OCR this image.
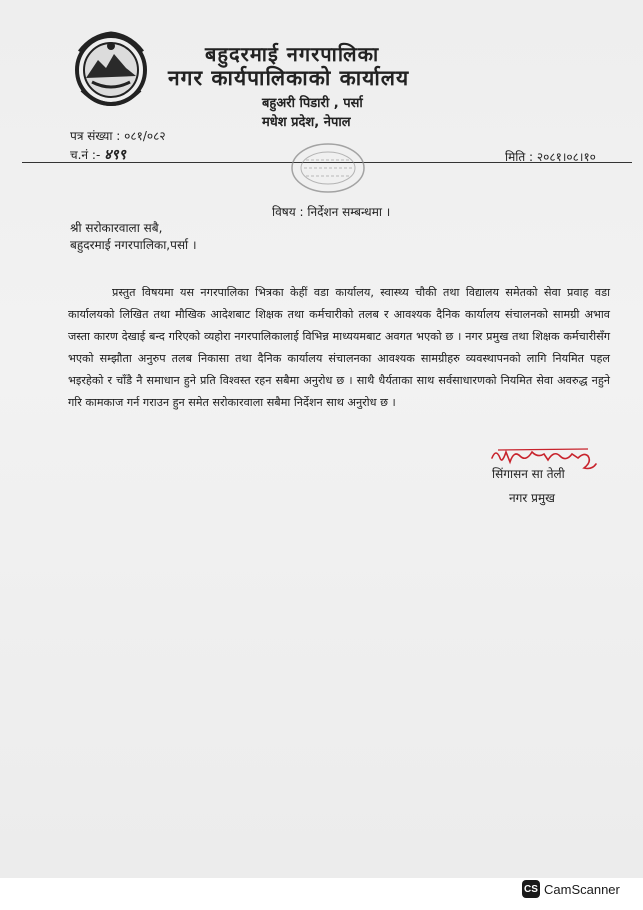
बहुदरमाई नगरपालिका
नगर कार्यपालिकाको कार्यालय
बहुअरी पिडारी , पर्सा
मधेश प्रदेश, नेपाल
पत्र संख्या : ०८१/०८२
च.नं :- ४९९	मिति : २०८१।०८।१०
विषय : निर्देशन सम्बन्धमा ।
श्री सरोकारवाला सबै,
बहुदरमाई नगरपालिका,पर्सा ।

प्रस्तुत विषयमा यस नगरपालिका भित्रका केहीं वडा कार्यालय, स्वास्थ्य चौकी तथा विद्यालय समेतको सेवा प्रवाह वडा कार्यालयको लिखित तथा मौखिक आदेशबाट शिक्षक तथा कर्मचारीको तलब र आवश्यक दैनिक कार्यालय संचालनको सामग्री अभाव जस्ता कारण देखाई बन्द गरिएको व्यहोरा नगरपालिकालाई विभिन्न माध्ययमबाट अवगत भएको छ । नगर प्रमुख तथा शिक्षक कर्मचारीसँग भएको सम्झौता अनुरुप तलब निकासा तथा दैनिक कार्यालय संचालनका आवश्यक सामग्रीहरु व्यवस्थापनको लागि नियमित पहल भइरहेको र चाँडै नै समाधान हुने प्रति विश्वस्त रहन सबैमा अनुरोध छ । साथै धैर्यताका साथ सर्वसाधारणको नियमित सेवा अवरुद्ध नहुने गरि कामकाज गर्न गराउन हुन समेत सरोकारवाला सबैमा निर्देशन साथ अनुरोध छ ।

सिंगासन सा तेली
नगर प्रमुख
CS CamScanner
